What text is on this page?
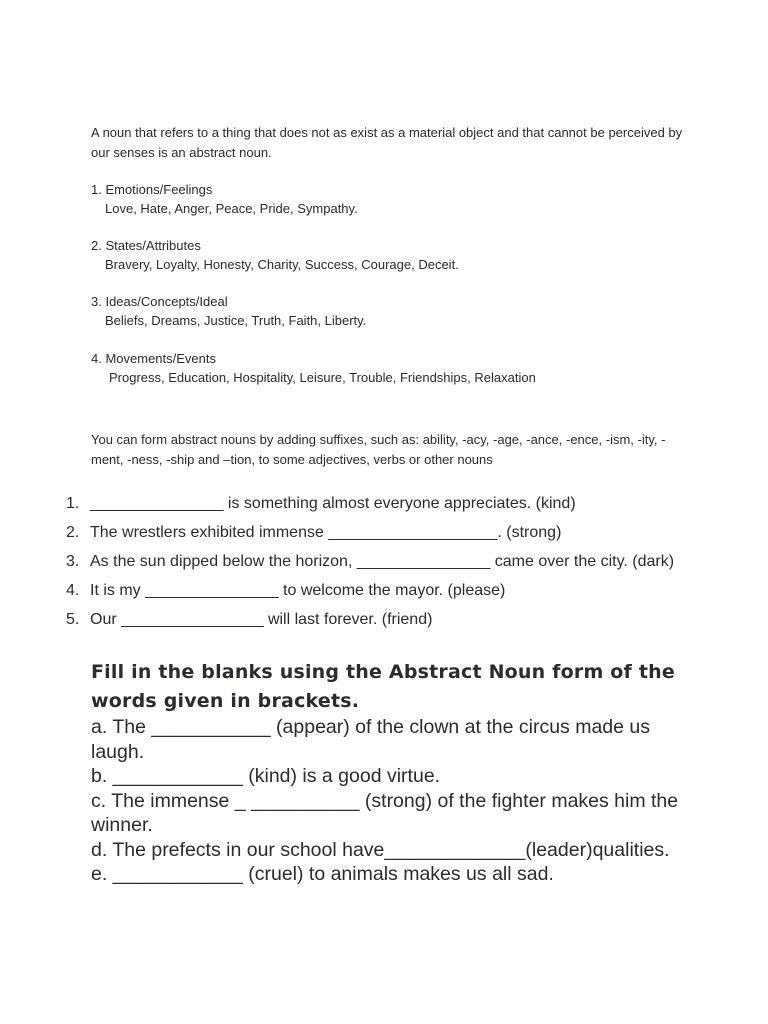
A noun that refers to a thing that does not as exist as a material object and that cannot be perceived by our senses is an abstract noun.

1. Emotions/Feelings
Love, Hate, Anger, Peace, Pride, Sympathy.
2. States/Attributes
Bravery, Loyalty, Honesty, Charity, Success, Courage, Deceit.
3. Ideas/Concepts/Ideal
Beliefs, Dreams, Justice, Truth, Faith, Liberty.
4. Movements/Events
Progress, Education, Hospitality, Leisure, Trouble, Friendships, Relaxation

You can form abstract nouns by adding suffixes, such as: ability, -acy, -age, -ance, -ence, -ism, -ity, -ment, -ness, -ship and –tion, to some adjectives, verbs or other nouns

1. _______________ is something almost everyone appreciates. (kind)
2. The wrestlers exhibited immense ___________________. (strong)
3. As the sun dipped below the horizon, _______________ came over the city. (dark)
4. It is my _______________ to welcome the mayor. (please)
5. Our ________________ will last forever. (friend)
Fill in the blanks using the Abstract Noun form of the words given in brackets.
a. The ___________ (appear) of the clown at the circus made us laugh.
b. ____________ (kind) is a good virtue.
c. The immense _ __________ (strong) of the fighter makes him the winner.
d. The prefects in our school have_____________(leader)qualities.
e. ____________ (cruel) to animals makes us all sad.
